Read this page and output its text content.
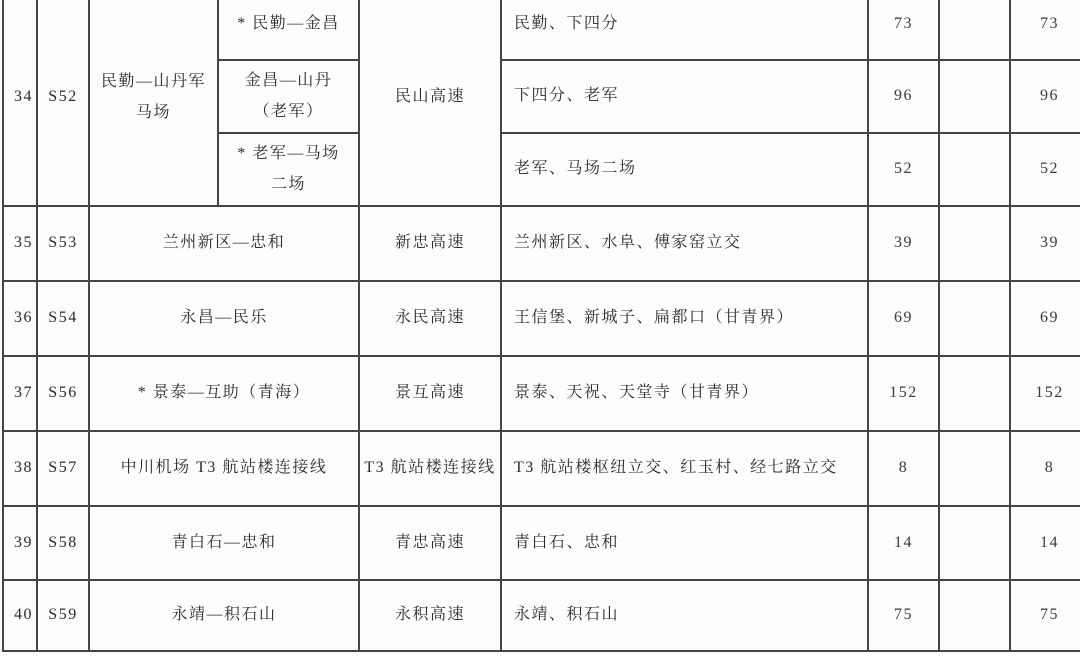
34	S52	民勤—山丹军马场	* 民勤—金昌	民山高速	民勤、下四分	73		73
			金昌—山丹（老军）		下四分、老军	96		96
			* 老军—马场二场		老军、马场二场	52		52
35	S53	兰州新区—忠和		新忠高速	兰州新区、水阜、傅家窑立交	39		39
36	S54	永昌—民乐		永民高速	王信堡、新城子、扁都口（甘青界）	69		69
37	S56	* 景泰—互助（青海）		景互高速	景泰、天祝、天堂寺（甘青界）	152		152
38	S57	中川机场 T3 航站楼连接线		T3 航站楼连接线	T3 航站楼枢纽立交、红玉村、经七路立交	8		8
39	S58	青白石—忠和		青忠高速	青白石、忠和	14		14
40	S59	永靖—积石山		永积高速	永靖、积石山	75		75
